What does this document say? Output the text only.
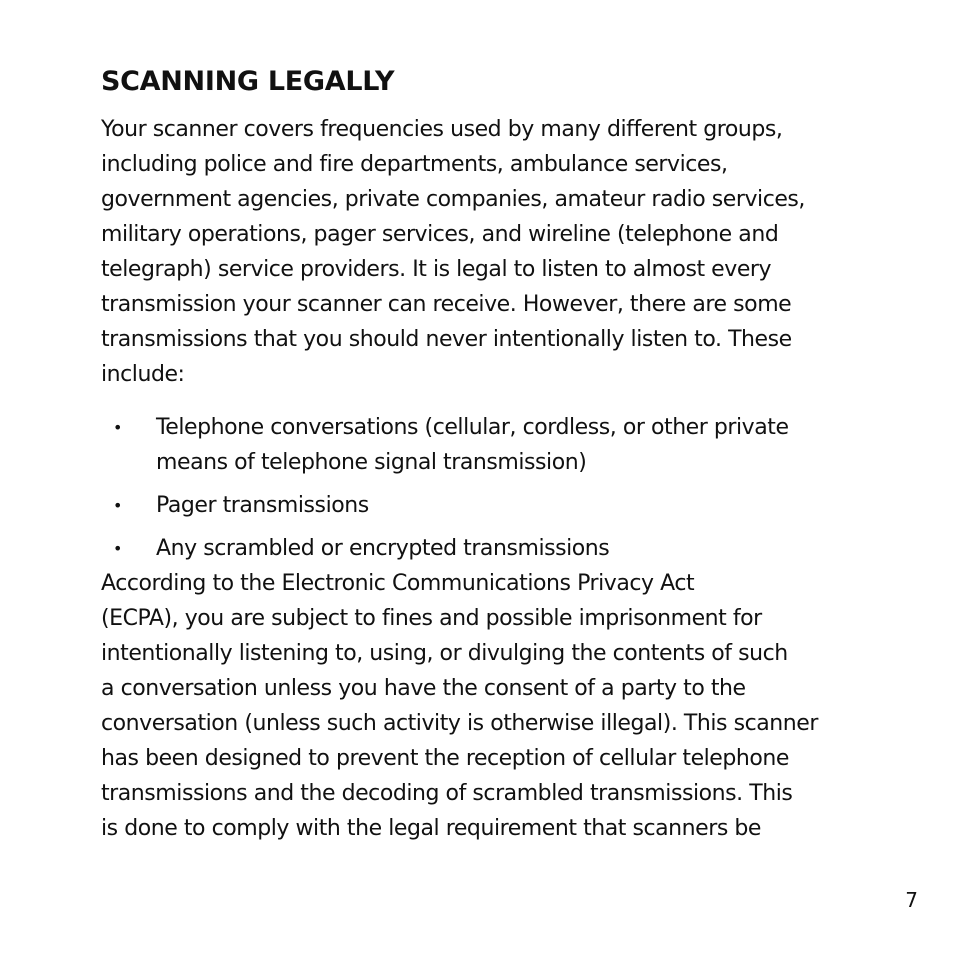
SCANNING LEGALLY

Your scanner covers frequencies used by many different groups,
including police and fire departments, ambulance services,
government agencies, private companies, amateur radio services,
military operations, pager services, and wireline (telephone and
telegraph) service providers. It is legal to listen to almost every
transmission your scanner can receive. However, there are some
transmissions that you should never intentionally listen to. These
include:

• Telephone conversations (cellular, cordless, or other private
means of telephone signal transmission)
• Pager transmissions
• Any scrambled or encrypted transmissions

According to the Electronic Communications Privacy Act
(ECPA), you are subject to fines and possible imprisonment for
intentionally listening to, using, or divulging the contents of such
a conversation unless you have the consent of a party to the
conversation (unless such activity is otherwise illegal). This scanner
has been designed to prevent the reception of cellular telephone
transmissions and the decoding of scrambled transmissions. This
is done to comply with the legal requirement that scanners be

7
